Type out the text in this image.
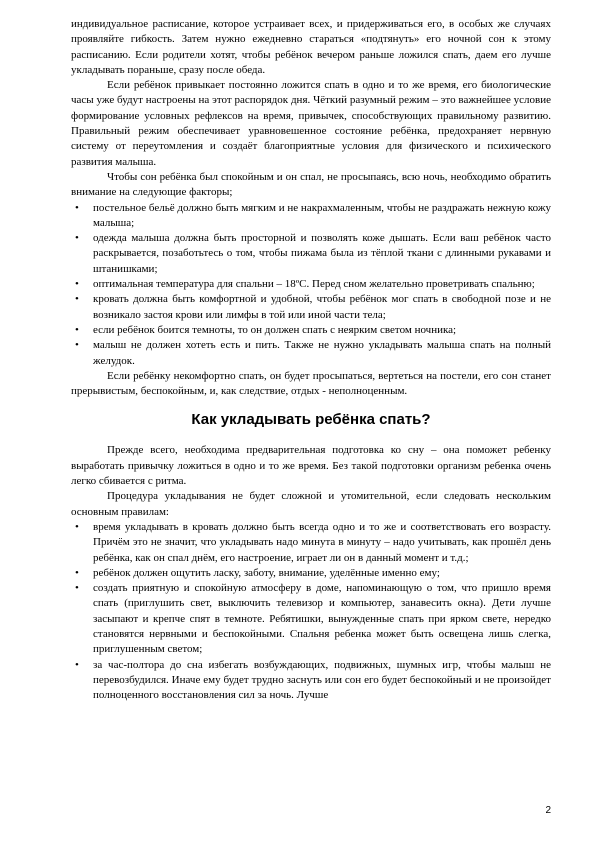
индивидуальное расписание, которое устраивает всех, и придерживаться его, в особых же случаях проявляйте гибкость. Затем нужно ежедневно стараться «подтянуть» его ночной сон к этому расписанию. Если родители хотят, чтобы ребёнок вечером раньше ложился спать, даем его лучше укладывать пораньше, сразу после обеда.

Если ребёнок привыкает постоянно ложится спать в одно и то же время, его биологические часы уже будут настроены на этот распорядок дня. Чёткий разумный режим – это важнейшее условие формирование условных рефлексов на время, привычек, способствующих правильному развитию. Правильный режим обеспечивает уравновешенное состояние ребёнка, предохраняет нервную систему от переутомления и создаёт благоприятные условия для физического и психического развития малыша.

Чтобы сон ребёнка был спокойным и он спал, не просыпаясь, всю ночь, необходимо обратить внимание на следующие факторы;

• постельное бельё должно быть мягким и не накрахмаленным, чтобы не раздражать нежную кожу малыша;
• одежда малыша должна быть просторной и позволять коже дышать. Если ваш ребёнок часто раскрывается, позаботьтесь о том, чтобы пижама была из тёплой ткани с длинными рукавами и штанишками;
• оптимальная температура для спальни – 18ºС. Перед сном желательно проветривать спальню;
• кровать должна быть комфортной и удобной, чтобы ребёнок мог спать в свободной позе и не возникало застоя крови или лимфы в той или иной части тела;
• если ребёнок боится темноты, то он должен спать с неярким светом ночника;
• малыш не должен хотеть есть и пить. Также не нужно укладывать малыша спать на полный желудок.

Если ребёнку некомфортно спать, он будет просыпаться, вертеться на постели, его сон станет прерывистым, беспокойным, и, как следствие, отдых - неполноценным.

Как укладывать ребёнка спать?

Прежде всего, необходима предварительная подготовка ко сну – она поможет ребенку выработать привычку ложиться в одно и то же время. Без такой подготовки организм ребенка очень легко сбивается с ритма.

Процедура укладывания не будет сложной и утомительной, если следовать нескольким основным правилам:

• время укладывать в кровать должно быть всегда одно и то же и соответствовать его возрасту. Причём это не значит, что укладывать надо минута в минуту – надо учитывать, как прошёл день ребёнка, как он спал днём, его настроение, играет ли он в данный момент и т.д.;
• ребёнок должен ощутить ласку, заботу, внимание, уделённые именно ему;
• создать приятную и спокойную атмосферу в доме, напоминающую о том, что пришло время спать (приглушить свет, выключить телевизор и компьютер, занавесить окна). Дети лучше засыпают и крепче спят в темноте. Ребятишки, вынужденные спать при ярком свете, нередко становятся нервными и беспокойными. Спальня ребенка может быть освещена лишь слегка, приглушенным светом;
• за час-полтора до сна избегать возбуждающих, подвижных, шумных игр, чтобы малыш не перевозбудился. Иначе ему будет трудно заснуть или сон его будет беспокойный и не произойдет полноценного восстановления сил за ночь. Лучше
2
